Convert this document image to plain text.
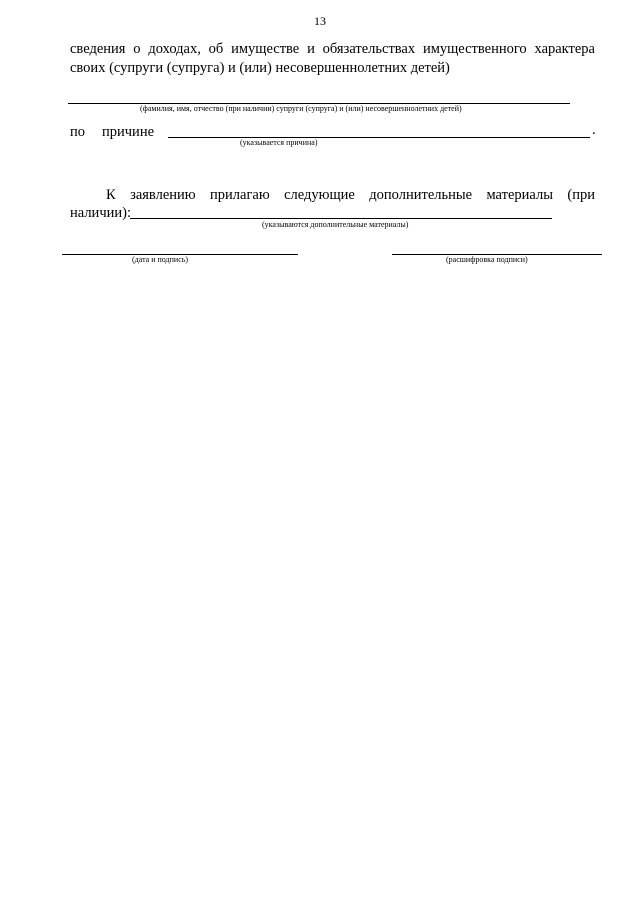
13
сведения о доходах, об имуществе и обязательствах имущественного характера своих (супруги (супруга) и (или) несовершеннолетних детей)
(фамилия, имя, отчество (при наличии) супруги (супруга) и (или) несовершеннолетних детей)
по причине	.
(указывается причина)
К заявлению прилагаю следующие дополнительные материалы (при
наличии):
(указываются дополнительные материалы)
(дата и подпись)	(расшифровка подписи)
